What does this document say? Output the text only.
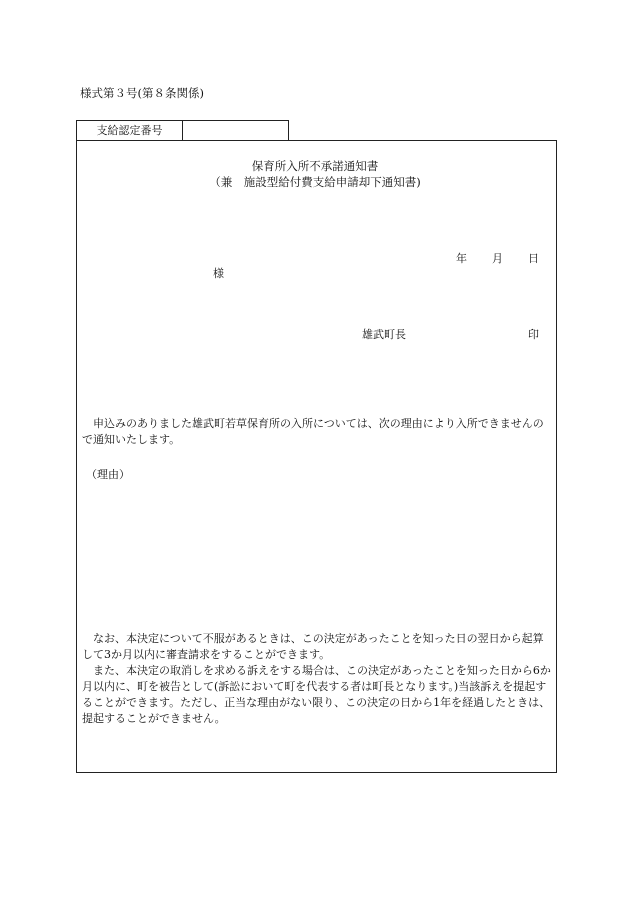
様式第３号(第８条関係)
支給認定番号
保育所入所不承諾通知書
（兼　施設型給付費支給申請却下通知書)
年 月 日
様
雄武町長	印
申込みのありました雄武町若草保育所の入所については、次の理由により入所できませんので通知いたします。
（理由）

なお、本決定について不服があるときは、この決定があったことを知った日の翌日から起算して3か月以内に審査請求をすることができます。

また、本決定の取消しを求める訴えをする場合は、この決定があったことを知った日から6か月以内に、町を被告として(訴訟において町を代表する者は町長となります。)当該訴えを提起することができます。ただし、正当な理由がない限り、この決定の日から1年を経過したときは、提起することができません。
